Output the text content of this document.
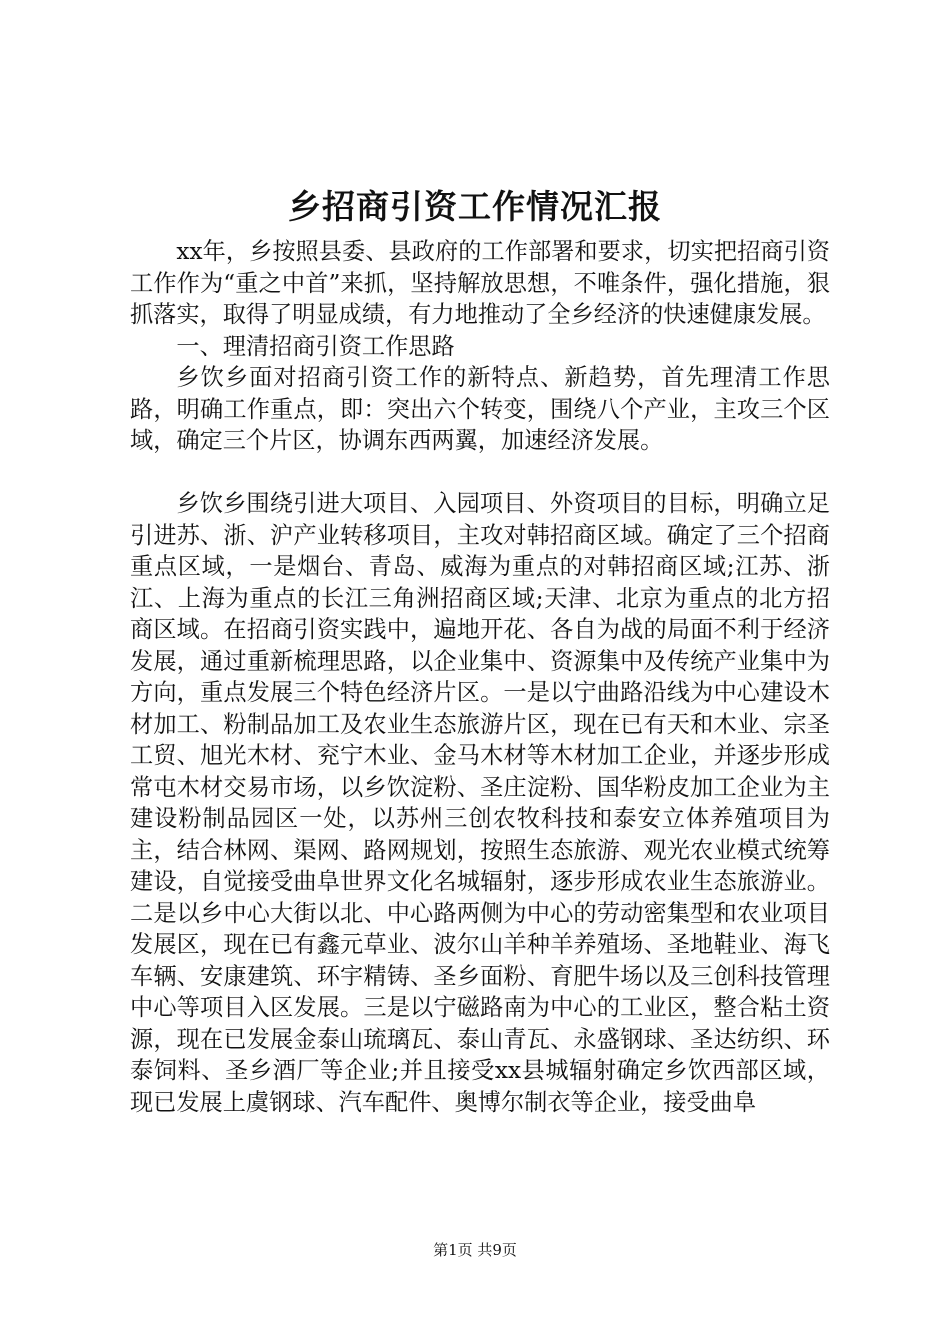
乡招商引资工作情况汇报

xx年，乡按照县委、县政府的工作部署和要求，切实把招商引资工作作为“重之中首”来抓，坚持解放思想，不唯条件，强化措施，狠抓落实，取得了明显成绩，有力地推动了全乡经济的快速健康发展。

一、理清招商引资工作思路

乡饮乡面对招商引资工作的新特点、新趋势，首先理清工作思路，明确工作重点，即：突出六个转变，围绕八个产业，主攻三个区域，确定三个片区，协调东西两翼，加速经济发展。

乡饮乡围绕引进大项目、入园项目、外资项目的目标，明确立足引进苏、浙、沪产业转移项目，主攻对韩招商区域。确定了三个招商重点区域，一是烟台、青岛、威海为重点的对韩招商区域;江苏、浙江、上海为重点的长江三角洲招商区域;天津、北京为重点的北方招商区域。在招商引资实践中，遍地开花、各自为战的局面不利于经济发展，通过重新梳理思路，以企业集中、资源集中及传统产业集中为方向，重点发展三个特色经济片区。一是以宁曲路沿线为中心建设木材加工、粉制品加工及农业生态旅游片区，现在已有天和木业、宗圣工贸、旭光木材、兖宁木业、金马木材等木材加工企业，并逐步形成常屯木材交易市场，以乡饮淀粉、圣庄淀粉、国华粉皮加工企业为主建设粉制品园区一处，以苏州三创农牧科技和泰安立体养殖项目为主，结合林网、渠网、路网规划，按照生态旅游、观光农业模式统筹建设，自觉接受曲阜世界文化名城辐射，逐步形成农业生态旅游业。二是以乡中心大街以北、中心路两侧为中心的劳动密集型和农业项目发展区，现在已有鑫元草业、波尔山羊种羊养殖场、圣地鞋业、海飞车辆、安康建筑、环宇精铸、圣乡面粉、育肥牛场以及三创科技管理中心等项目入区发展。三是以宁磁路南为中心的工业区，整合粘土资源，现在已发展金泰山琉璃瓦、泰山青瓦、永盛钢球、圣达纺织、环泰饲料、圣乡酒厂等企业;并且接受xx县城辐射确定乡饮西部区域，现已发展上虞钢球、汽车配件、奥博尔制衣等企业，接受曲阜

第1页 共9页
